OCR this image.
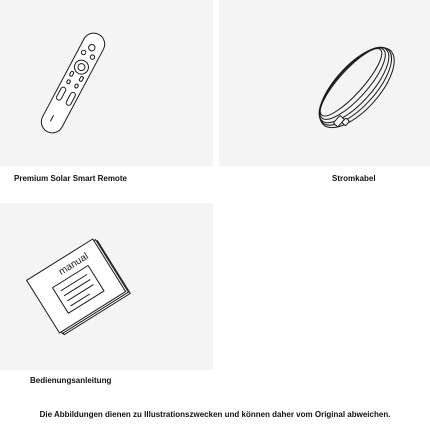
manual
Premium Solar Smart Remote	Stromkabel
Bedienungsanleitung
Die Abbildungen dienen zu Illustrationszwecken und können daher vom Original abweichen.
